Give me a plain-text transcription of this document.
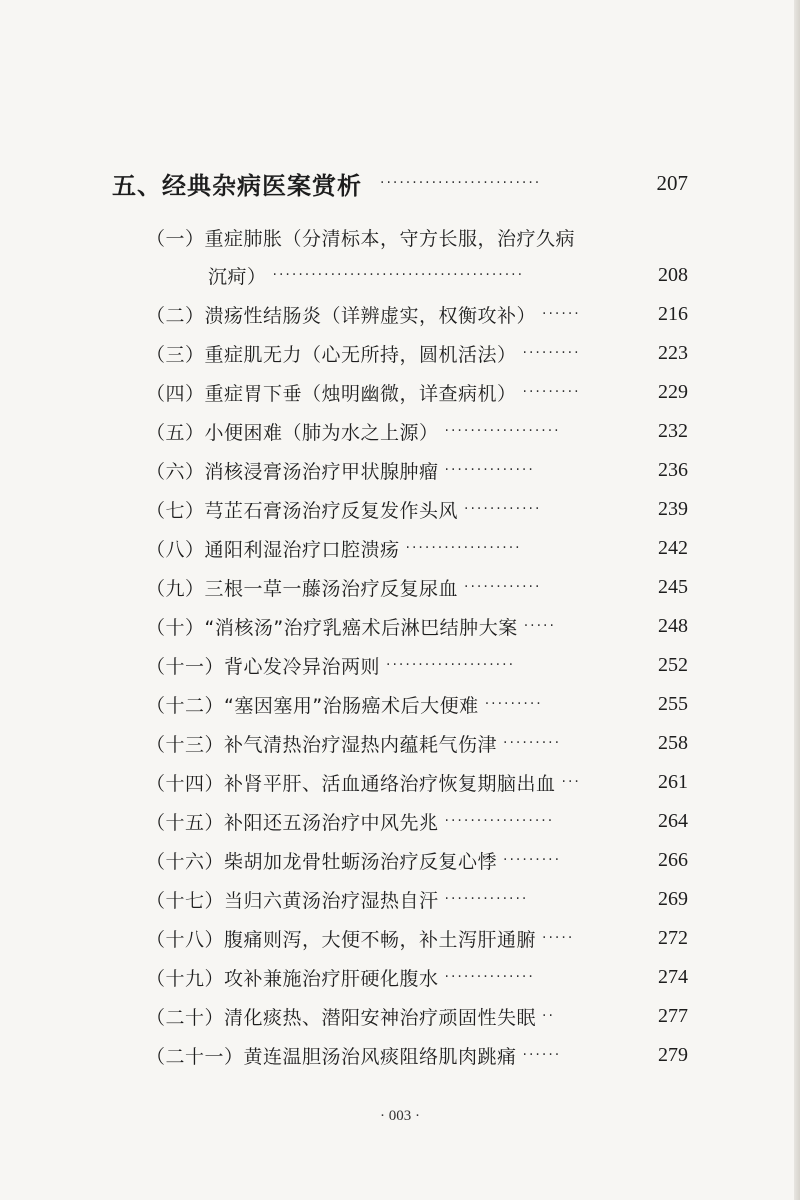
五、经典杂病医案赏析 ·························	207
（一）重症肺胀（分清标本，守方长服，治疗久病
沉疴） ·······································	208
（二）溃疡性结肠炎（详辨虚实，权衡攻补） ······	216
（三）重症肌无力（心无所持，圆机活法） ·········	223
（四）重症胃下垂（烛明幽微，详查病机） ·········	229
（五）小便困难（肺为水之上源） ··················	232
（六）消核浸膏汤治疗甲状腺肿瘤 ··············	236
（七）芎芷石膏汤治疗反复发作头风 ············	239
（八）通阳利湿治疗口腔溃疡 ··················	242
（九）三根一草一藤汤治疗反复尿血 ············	245
（十）“消核汤”治疗乳癌术后淋巴结肿大案 ·····	248
（十一）背心发冷异治两则 ····················	252
（十二）“塞因塞用”治肠癌术后大便难 ·········	255
（十三）补气清热治疗湿热内蕴耗气伤津 ·········	258
（十四）补肾平肝、活血通络治疗恢复期脑出血 ···	261
（十五）补阳还五汤治疗中风先兆 ·················	264
（十六）柴胡加龙骨牡蛎汤治疗反复心悸 ·········	266
（十七）当归六黄汤治疗湿热自汗 ·············	269
（十八）腹痛则泻，大便不畅，补土泻肝通腑 ·····	272
（十九）攻补兼施治疗肝硬化腹水 ··············	274
（二十）清化痰热、潜阳安神治疗顽固性失眠 ··	277
（二十一）黄连温胆汤治风痰阻络肌肉跳痛 ······	279
· 003 ·
